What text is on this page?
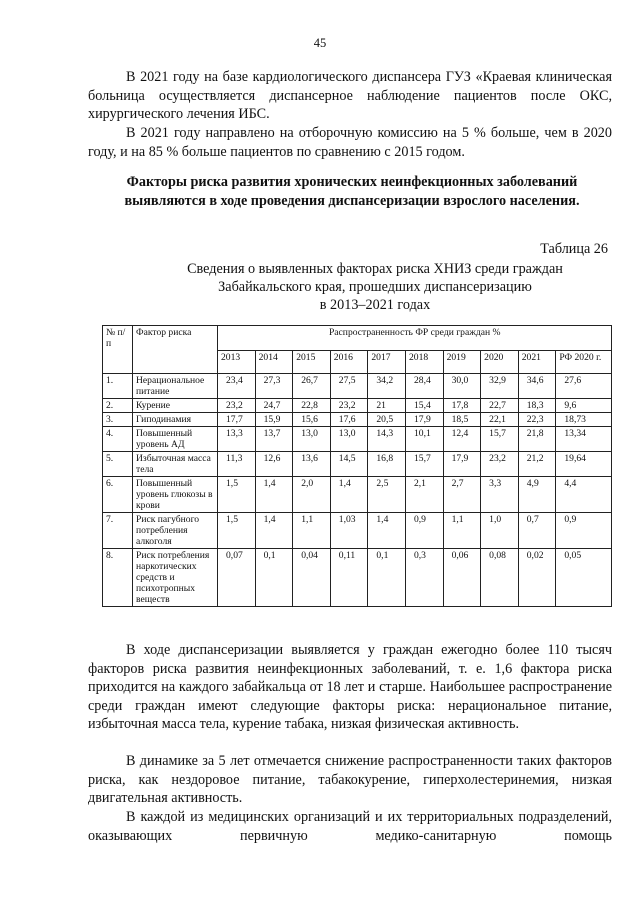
45

В 2021 году на базе кардиологического диспансера ГУЗ «Краевая клиническая больница осуществляется диспансерное наблюдение пациентов после ОКС, хирургического лечения ИБС.

В 2021 году направлено на отборочную комиссию на 5 % больше, чем в 2020 году, и на 85 % больше пациентов по сравнению с 2015 годом.

Факторы риска развития хронических неинфекционных заболеваний выявляются в ходе проведения диспансеризации взрослого населения.

Таблица 26
Сведения о выявленных факторах риска ХНИЗ среди граждан
Забайкальского края, прошедших диспансеризацию
в 2013–2021 годах
№ п/п	Фактор риска	Распространенность ФР среди граждан %									
		2013	2014	2015	2016	2017	2018	2019	2020	2021	РФ 2020 г.
1.	Нерациональное питание	23,4	27,3	26,7	27,5	34,2	28,4	30,0	32,9	34,6	27,6
2.	Курение	23,2	24,7	22,8	23,2	21	15,4	17,8	22,7	18,3	9,6
3.	Гиподинамия	17,7	15,9	15,6	17,6	20,5	17,9	18,5	22,1	22,3	18,73
4.	Повышенный уровень АД	13,3	13,7	13,0	13,0	14,3	10,1	12,4	15,7	21,8	13,34
5.	Избыточная масса тела	11,3	12,6	13,6	14,5	16,8	15,7	17,9	23,2	21,2	19,64
6.	Повышенный уровень глюкозы в крови	1,5	1,4	2,0	1,4	2,5	2,1	2,7	3,3	4,9	4,4
7.	Риск пагубного потребления алкоголя	1,5	1,4	1,1	1,03	1,4	0,9	1,1	1,0	0,7	0,9
8.	Риск потребления наркотических средств и психотропных веществ	0,07	0,1	0,04	0,11	0,1	0,3	0,06	0,08	0,02	0,05

В ходе диспансеризации выявляется у граждан ежегодно более 110 тысяч факторов риска развития неинфекционных заболеваний, т. е. 1,6 фактора риска приходится на каждого забайкальца от 18 лет и старше. Наибольшее распространение среди граждан имеют следующие факторы риска: нерациональное питание, избыточная масса тела, курение табака, низкая физическая активность.

В динамике за 5 лет отмечается снижение распространенности таких факторов риска, как нездоровое питание, табакокурение, гиперхолестеринемия, низкая двигательная активность.

В каждой из медицинских организаций и их территориальных подразделений, оказывающих первичную медико-санитарную помощь
